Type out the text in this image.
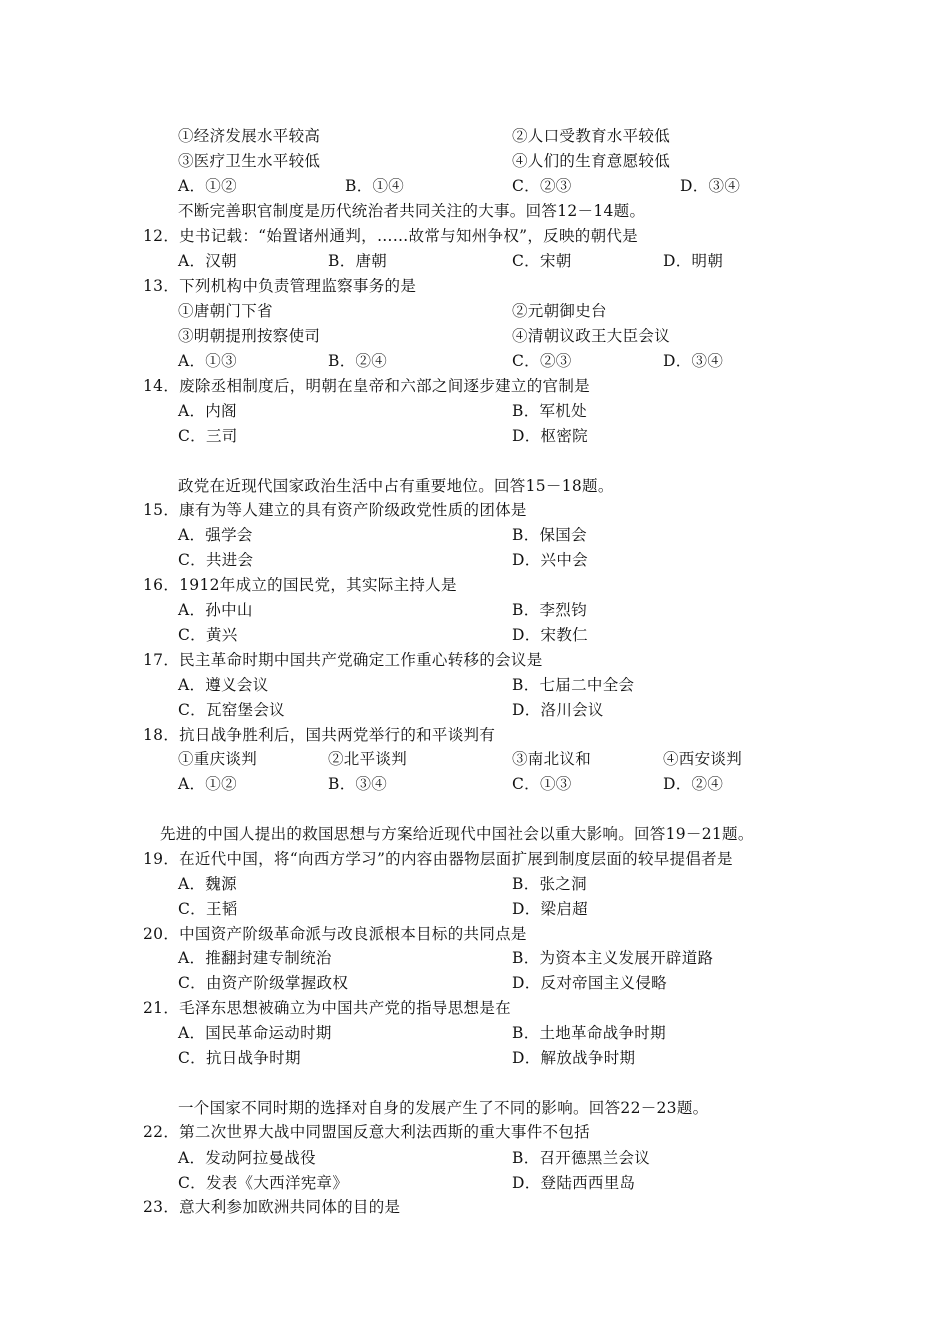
①经济发展水平较高	②人口受教育水平较低
③医疗卫生水平较低	④人们的生育意愿较低
A．①②	B．①④	C．②③	D．③④
不断完善职官制度是历代统治者共同关注的大事。回答12－14题。
12．史书记载：“始置诸州通判，……故常与知州争权”，反映的朝代是
A．汉朝	B．唐朝	C．宋朝	D．明朝
13．下列机构中负责管理监察事务的是
①唐朝门下省	②元朝御史台
③明朝提刑按察使司	④清朝议政王大臣会议
A．①③	B．②④	C．②③	D．③④
14．废除丞相制度后，明朝在皇帝和六部之间逐步建立的官制是
A．内阁	B．军机处
C．三司	D．枢密院
政党在近现代国家政治生活中占有重要地位。回答15－18题。
15．康有为等人建立的具有资产阶级政党性质的团体是
A．强学会	B．保国会
C．共进会	D．兴中会
16．1912年成立的国民党，其实际主持人是
A．孙中山	B．李烈钧
C．黄兴	D．宋教仁
17．民主革命时期中国共产党确定工作重心转移的会议是
A．遵义会议	B．七届二中全会
C．瓦窑堡会议	D．洛川会议
18．抗日战争胜利后，国共两党举行的和平谈判有
①重庆谈判	②北平谈判	③南北议和	④西安谈判
A．①②	B．③④	C．①③	D．②④
先进的中国人提出的救国思想与方案给近现代中国社会以重大影响。回答19－21题。
19．在近代中国，将“向西方学习”的内容由器物层面扩展到制度层面的较早提倡者是
A．魏源	B．张之洞
C．王韬	D．梁启超
20．中国资产阶级革命派与改良派根本目标的共同点是
A．推翻封建专制统治	B．为资本主义发展开辟道路
C．由资产阶级掌握政权	D．反对帝国主义侵略
21．毛泽东思想被确立为中国共产党的指导思想是在
A．国民革命运动时期	B．土地革命战争时期
C．抗日战争时期	D．解放战争时期
一个国家不同时期的选择对自身的发展产生了不同的影响。回答22－23题。
22．第二次世界大战中同盟国反意大利法西斯的重大事件不包括
A．发动阿拉曼战役	B．召开德黑兰会议
C．发表《大西洋宪章》	D．登陆西西里岛
23．意大利参加欧洲共同体的目的是
